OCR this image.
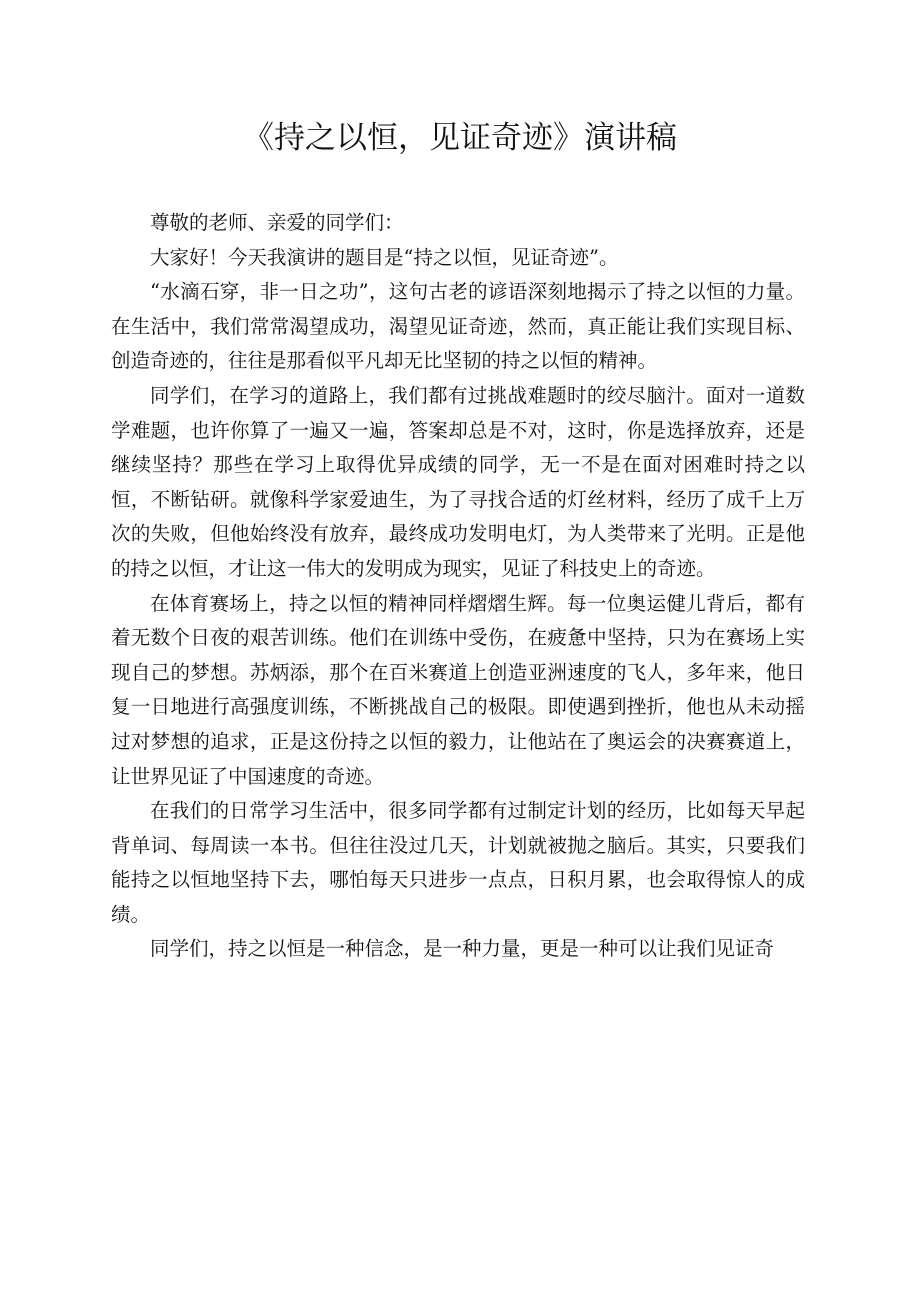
《持之以恒，见证奇迹》演讲稿

尊敬的老师、亲爱的同学们：

大家好！今天我演讲的题目是“持之以恒，见证奇迹”。

“水滴石穿，非一日之功”，这句古老的谚语深刻地揭示了持之以恒的力量。在生活中，我们常常渴望成功，渴望见证奇迹，然而，真正能让我们实现目标、创造奇迹的，往往是那看似平凡却无比坚韧的持之以恒的精神。

同学们，在学习的道路上，我们都有过挑战难题时的绞尽脑汁。面对一道数学难题，也许你算了一遍又一遍，答案却总是不对，这时，你是选择放弃，还是继续坚持？那些在学习上取得优异成绩的同学，无一不是在面对困难时持之以恒，不断钻研。就像科学家爱迪生，为了寻找合适的灯丝材料，经历了成千上万次的失败，但他始终没有放弃，最终成功发明电灯，为人类带来了光明。正是他的持之以恒，才让这一伟大的发明成为现实，见证了科技史上的奇迹。

在体育赛场上，持之以恒的精神同样熠熠生辉。每一位奥运健儿背后，都有着无数个日夜的艰苦训练。他们在训练中受伤，在疲惫中坚持，只为在赛场上实现自己的梦想。苏炳添，那个在百米赛道上创造亚洲速度的飞人，多年来，他日复一日地进行高强度训练，不断挑战自己的极限。即使遇到挫折，他也从未动摇过对梦想的追求，正是这份持之以恒的毅力，让他站在了奥运会的决赛赛道上，让世界见证了中国速度的奇迹。

在我们的日常学习生活中，很多同学都有过制定计划的经历，比如每天早起背单词、每周读一本书。但往往没过几天，计划就被抛之脑后。其实，只要我们能持之以恒地坚持下去，哪怕每天只进步一点点，日积月累，也会取得惊人的成绩。

同学们，持之以恒是一种信念，是一种力量，更是一种可以让我们见证奇
